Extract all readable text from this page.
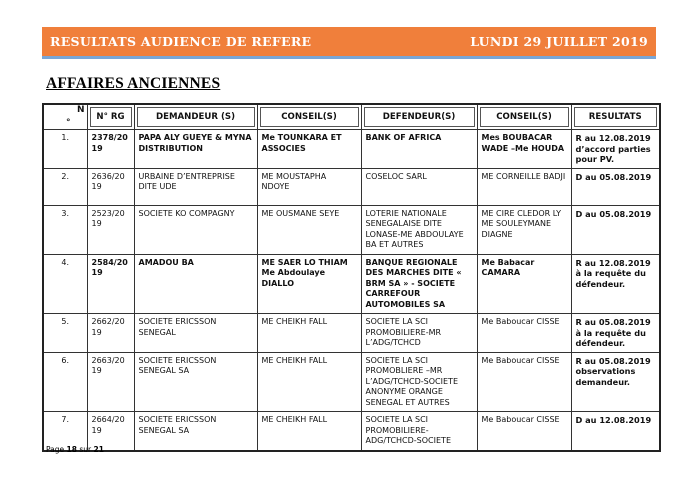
RESULTATS AUDIENCE DE REFERE	LUNDI 29 JUILLET 2019
AFFAIRES ANCIENNES
N
°	N° RG	DEMANDEUR (S)	CONSEIL(S)	DEFENDEUR(S)	CONSEIL(S)	RESULTATS

1.	2378/2019	PAPA ALY GUEYE & MYNA DISTRIBUTION	Me TOUNKARA ET ASSOCIES	BANK OF AFRICA	Mes BOUBACAR WADE –Me HOUDA	R au 12.08.2019 d’accord parties pour PV.
2.	2636/2019	URBAINE D’ENTREPRISE DITE UDE	ME MOUSTAPHA NDOYE	COSELOC SARL	ME CORNEILLE BADJI	D au 05.08.2019
3.	2523/2019	SOCIETE KO COMPAGNY	ME OUSMANE SEYE	LOTERIE NATIONALE SENEGALAISE DITE LONASE-ME ABDOULAYE BA ET AUTRES	ME CIRE CLEDOR LY ME SOULEYMANE DIAGNE	D au 05.08.2019
4.	2584/2019	AMADOU BA	ME SAER LO THIAM Me Abdoulaye DIALLO	BANQUE REGIONALE DES MARCHES DITE « BRM SA » - SOCIETE CARREFOUR AUTOMOBILES SA	Me Babacar CAMARA	R au 12.08.2019 à la requête du défendeur.
5.	2662/2019	SOCIETE ERICSSON SENEGAL	ME CHEIKH FALL	SOCIETE LA SCI PROMOBILIERE-MR L’ADG/TCHCD	Me Baboucar CISSE	R au 05.08.2019 à la requête du défendeur.
6.	2663/2019	SOCIETE ERICSSON SENEGAL SA	ME CHEIKH FALL	SOCIETE LA SCI PROMOBLIERE –MR L’ADG/TCHCD-SOCIETE ANONYME ORANGE SENEGAL ET AUTRES	Me Baboucar CISSE	R au 05.08.2019 observations demandeur.
7.	2664/2019	SOCIETE ERICSSON SENEGAL SA	ME CHEIKH FALL	SOCIETE LA SCI PROMOBILIERE-ADG/TCHCD-SOCIETE	Me Baboucar CISSE	D au 12.08.2019
Page 18 sur 21
